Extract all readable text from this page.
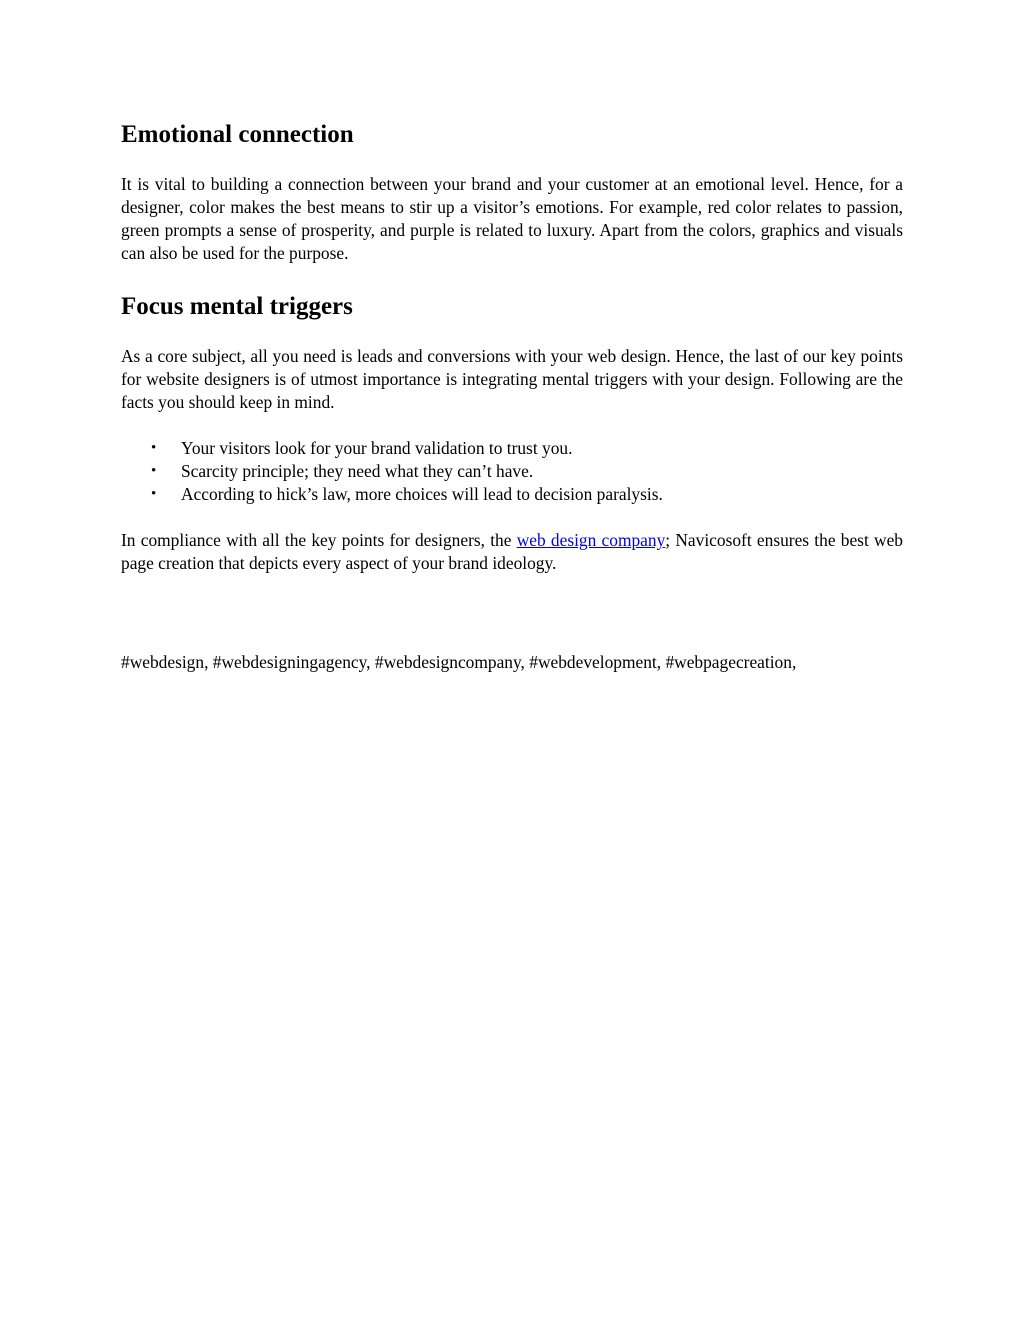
Emotional connection

It is vital to building a connection between your brand and your customer at an emotional level. Hence, for a designer, color makes the best means to stir up a visitor’s emotions. For example, red color relates to passion, green prompts a sense of prosperity, and purple is related to luxury. Apart from the colors, graphics and visuals can also be used for the purpose.

Focus mental triggers

As a core subject, all you need is leads and conversions with your web design. Hence, the last of our key points for website designers is of utmost importance is integrating mental triggers with your design. Following are the facts you should keep in mind.

• Your visitors look for your brand validation to trust you.
• Scarcity principle; they need what they can’t have.
• According to hick’s law, more choices will lead to decision paralysis.

In compliance with all the key points for designers, the web design company; Navicosoft ensures the best web page creation that depicts every aspect of your brand ideology.

#webdesign, #webdesigningagency, #webdesigncompany, #webdevelopment, #webpagecreation,
